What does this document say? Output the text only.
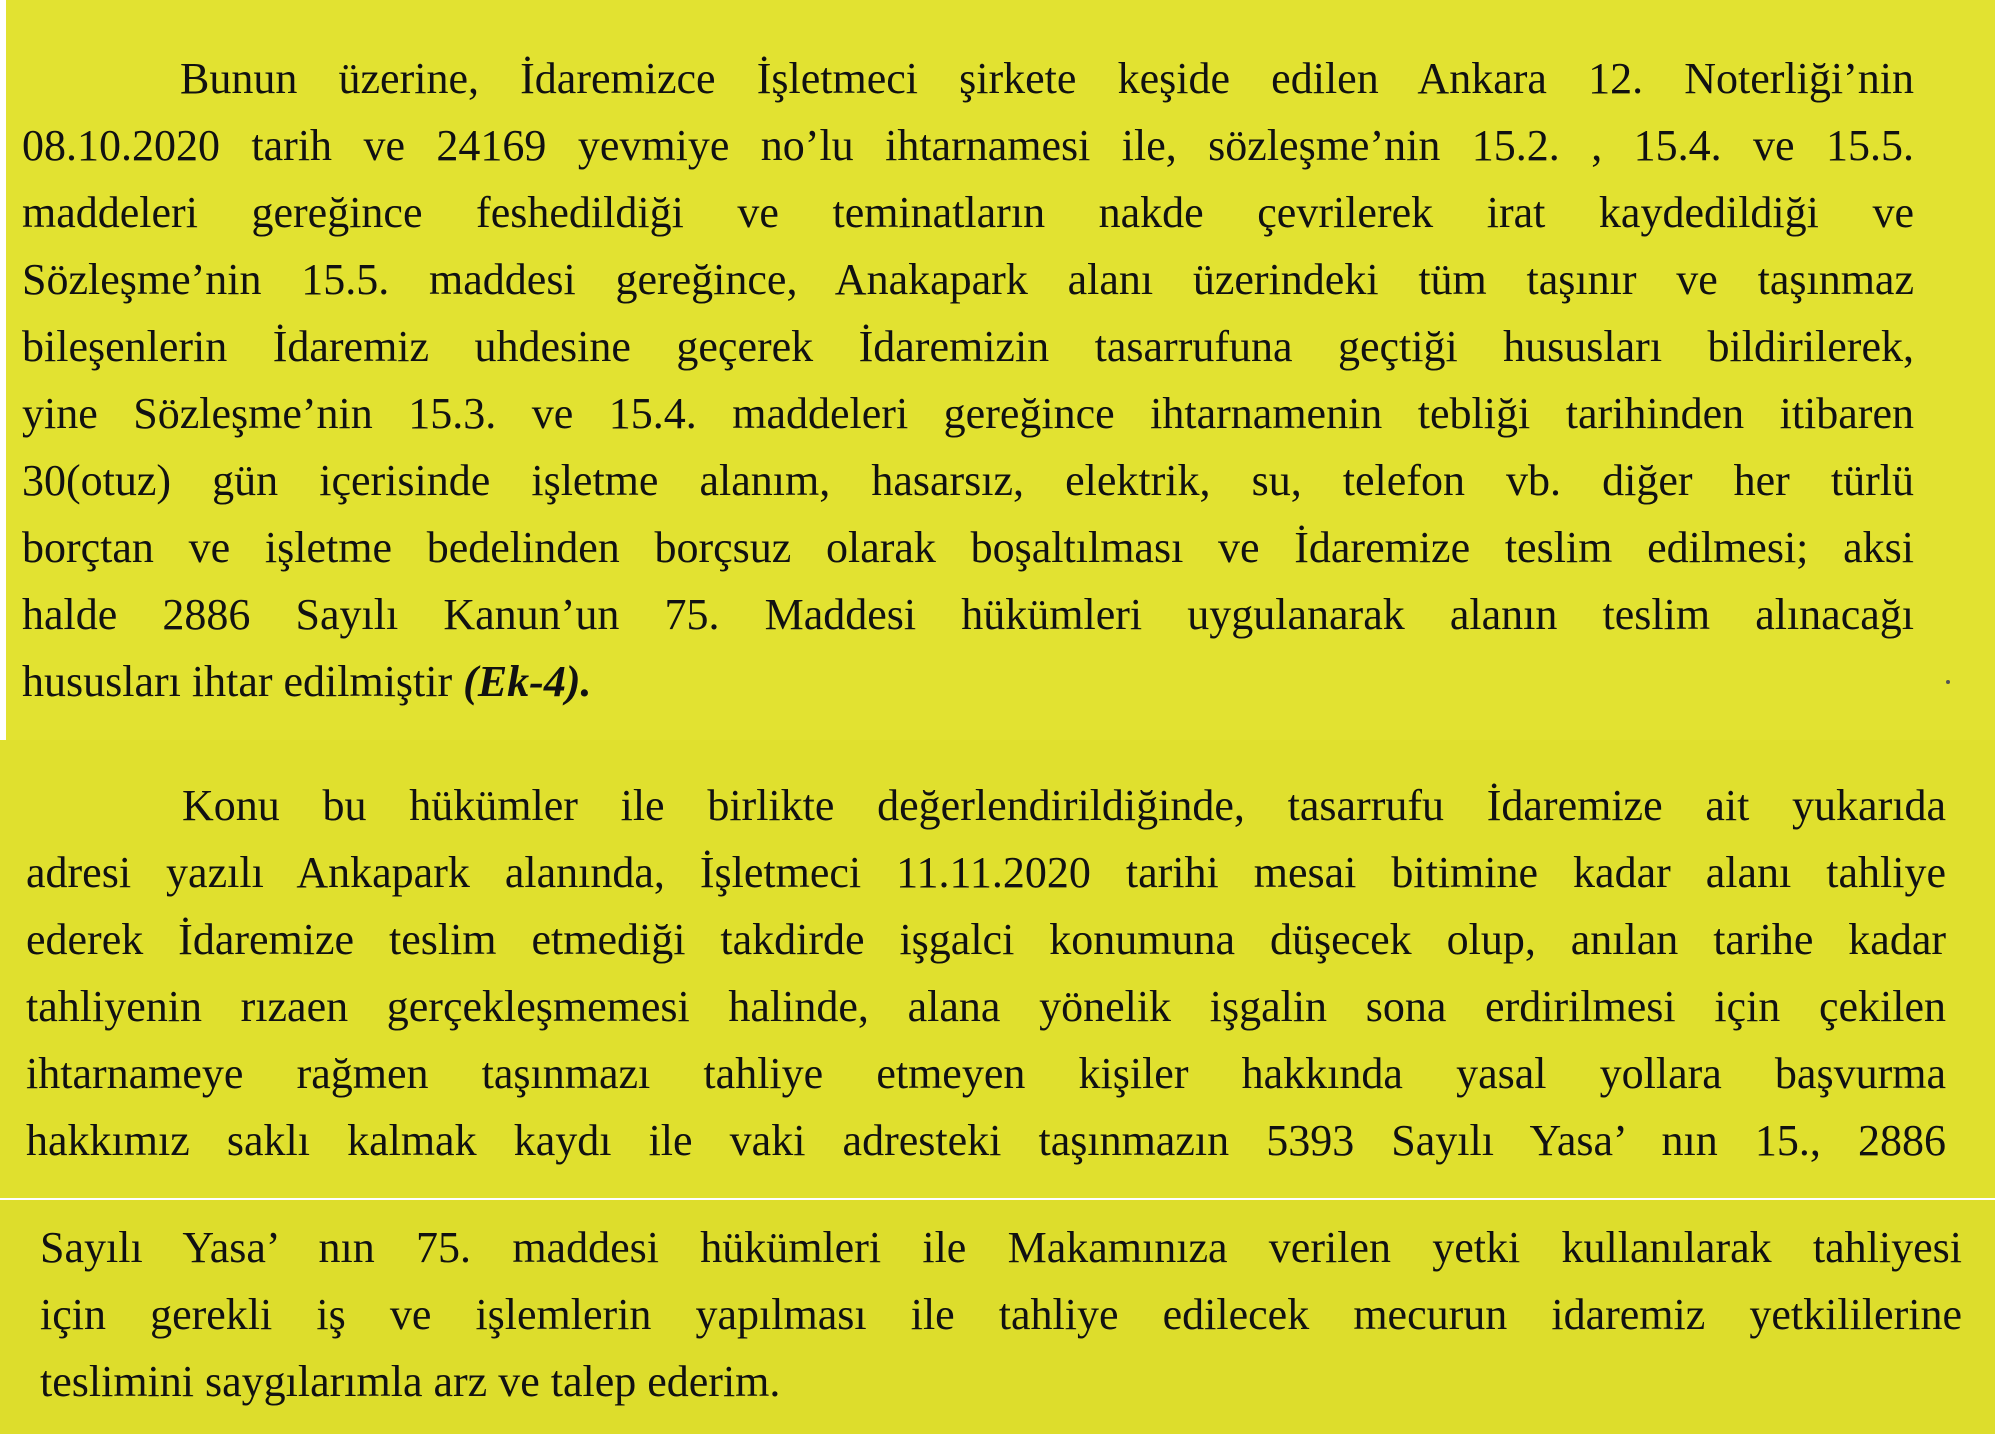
Bunun üzerine, İdaremizce İşletmeci şirkete keşide edilen Ankara 12. Noterliği’nin
08.10.2020 tarih ve 24169 yevmiye no’lu ihtarnamesi ile, sözleşme’nin 15.2. , 15.4. ve 15.5.
maddeleri gereğince feshedildiği ve teminatların nakde çevrilerek irat kaydedildiği ve
Sözleşme’nin 15.5. maddesi gereğince, Anakapark alanı üzerindeki tüm taşınır ve taşınmaz
bileşenlerin İdaremiz uhdesine geçerek İdaremizin tasarrufuna geçtiği hususları bildirilerek,
yine Sözleşme’nin 15.3. ve 15.4. maddeleri gereğince ihtarnamenin tebliği tarihinden itibaren
30(otuz) gün içerisinde işletme alanım, hasarsız, elektrik, su, telefon vb. diğer her türlü
borçtan ve işletme bedelinden borçsuz olarak boşaltılması ve İdaremize teslim edilmesi; aksi
halde 2886 Sayılı Kanun’un 75. Maddesi hükümleri uygulanarak alanın teslim alınacağı
hususları ihtar edilmiştir (Ek-4).
Konu bu hükümler ile birlikte değerlendirildiğinde, tasarrufu İdaremize ait yukarıda
adresi yazılı Ankapark alanında, İşletmeci 11.11.2020 tarihi mesai bitimine kadar alanı tahliye
ederek İdaremize teslim etmediği takdirde işgalci konumuna düşecek olup, anılan tarihe kadar
tahliyenin rızaen gerçekleşmemesi halinde, alana yönelik işgalin sona erdirilmesi için çekilen
ihtarnameye rağmen taşınmazı tahliye etmeyen kişiler hakkında yasal yollara başvurma
hakkımız saklı kalmak kaydı ile vaki adresteki taşınmazın 5393 Sayılı Yasa’ nın 15., 2886
Sayılı Yasa’ nın 75. maddesi hükümleri ile Makamınıza verilen yetki kullanılarak tahliyesi
için gerekli iş ve işlemlerin yapılması ile tahliye edilecek mecurun idaremiz yetkililerine
teslimini saygılarımla arz ve talep ederim.
